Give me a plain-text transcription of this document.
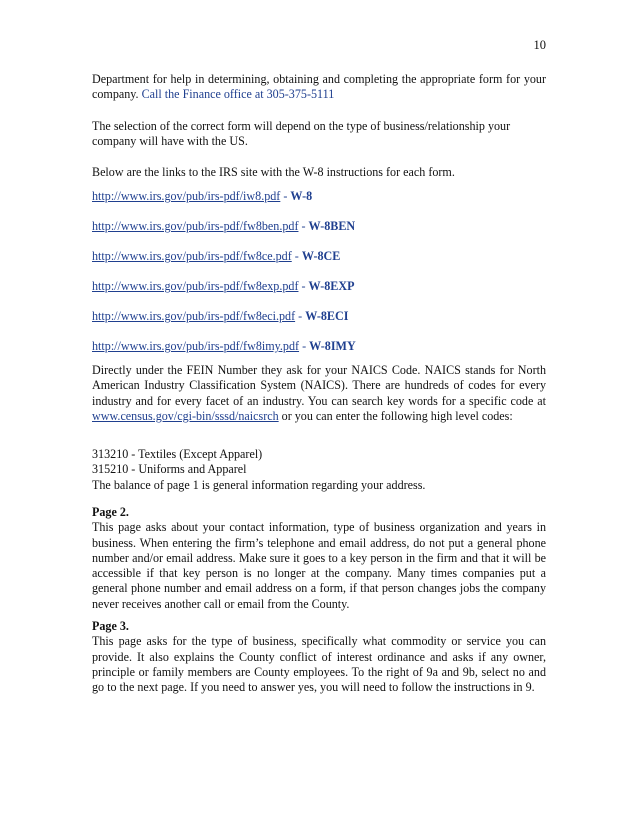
10

Department for help in determining, obtaining and completing the appropriate form for your company. Call the Finance office at 305-375-5111

The selection of the correct form will depend on the type of business/relationship your company will have with the US.

Below are the links to the IRS site with the W-8 instructions for each form.

http://www.irs.gov/pub/irs-pdf/iw8.pdf - W-8
http://www.irs.gov/pub/irs-pdf/fw8ben.pdf - W-8BEN
http://www.irs.gov/pub/irs-pdf/fw8ce.pdf - W-8CE
http://www.irs.gov/pub/irs-pdf/fw8exp.pdf - W-8EXP
http://www.irs.gov/pub/irs-pdf/fw8eci.pdf - W-8ECI
http://www.irs.gov/pub/irs-pdf/fw8imy.pdf - W-8IMY

Directly under the FEIN Number they ask for your NAICS Code. NAICS stands for North American Industry Classification System (NAICS). There are hundreds of codes for every industry and for every facet of an industry. You can search key words for a specific code at www.census.gov/cgi-bin/sssd/naicsrch or you can enter the following high level codes:

313210 - Textiles (Except Apparel)

315210 - Uniforms and Apparel

The balance of page 1 is general information regarding your address.

Page 2.

This page asks about your contact information, type of business organization and years in business. When entering the firm’s telephone and email address, do not put a general phone number and/or email address. Make sure it goes to a key person in the firm and that it will be accessible if that key person is no longer at the company. Many times companies put a general phone number and email address on a form, if that person changes jobs the company never receives another call or email from the County.

Page 3.

This page asks for the type of business, specifically what commodity or service you can provide. It also explains the County conflict of interest ordinance and asks if any owner, principle or family members are County employees. To the right of 9a and 9b, select no and go to the next page. If you need to answer yes, you will need to follow the instructions in 9.
